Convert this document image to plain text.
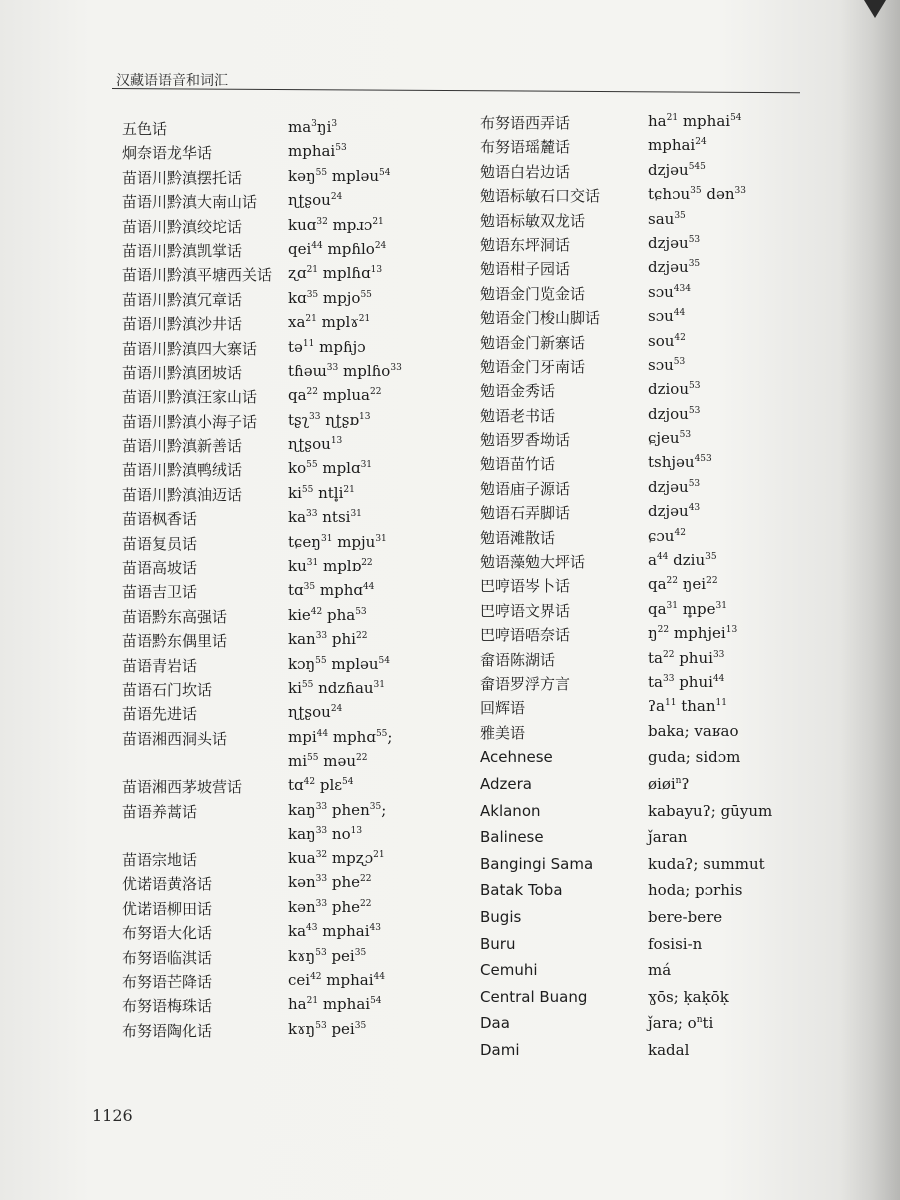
汉藏语语音和词汇
五色话	$ma^3ŋi^3$
炯奈语龙华话	mphai$^{53}$
苗语川黔滇摆托话	kəŋ$^{55}$ mpləu$^{54}$
苗语川黔滇大南山话 ɳʈʂou$^{24}$
苗语川黔滇绞坨话	kuɑ$^{32}$ mpɹɔ$^{21}$
苗语川黔滇凯掌话	qei$^{44}$ mpɦlo$^{24}$
苗语川黔滇平塘西关话 ʐɑ$^{21}$ mplɦɑ$^{13}$
苗语川黔滇冗章话	kɑ$^{35}$ mpjo$^{55}$
苗语川黔滇沙井话	$xa^{21}$ mplɤ$^{21}$
苗语川黔滇四大寨话 tə$^{11}$ mpɦjɔ
苗语川黔滇团坡话	tɦəɯ$^{33}$ mplɦo$^{33}$
苗语川黔滇汪家山话 $qa^{22}$ mplua$^{22}$
苗语川黔滇小海子话 tʂʅ$^{33}$ ɳʈʂɒ$^{13}$
苗语川黔滇新善话	ɳʈʂou$^{13}$
苗语川黔滇鸭绒话	$ko^{55}$ mplɑ$^{31}$
苗语川黔滇油迈话	$ki^{55}$ $ntl̥i^{21}$
苗语枫香话	$ka^{33}$ ntsi$^{31}$
苗语复员话	tɕeŋ$^{31}$ mpju$^{31}$
苗语高坡话	$ku^{31}$ mplɒ$^{22}$
苗语吉卫话	tɑ$^{35}$ mphɑ$^{44}$
苗语黔东高强话	kie$^{42}$ pha$^{53}$
苗语黔东偶里话	kan$^{33}$ phi$^{22}$
苗语青岩话	kɔŋ$^{55}$ mpləu$^{54}$
苗语石门坎话	$ki^{55}$ ndzɦau$^{31}$
苗语先进话	ɳʈʂou$^{24}$
苗语湘西洞头话	mpi$^{44}$ mphɑ$^{55}$;
$mi^{55}$ məu$^{22}$
苗语湘西茅坡营话	tɑ$^{42}$ plɛ$^{54}$
苗语养蒿话	kaŋ$^{33}$ phen$^{35}$;
kaŋ$^{33}$ $no^{13}$
苗语宗地话	kua$^{32}$ mpʐɔ$^{21}$
优诺语黄洛话	kən$^{33}$ phe$^{22}$
优诺语柳田话	kən$^{33}$ phe$^{22}$
布努语大化话	$ka^{43}$ mphai$^{43}$
布努语临淇话	kɤŋ$^{53}$ pei$^{35}$
布努语芒降话	cei$^{42}$ mphai$^{44}$
布努语梅珠话	$ha^{21}$ mphai$^{54}$
布努语陶化话	kɤŋ$^{53}$ pei$^{35}$
布努语西弄话	$ha^{21}$ mphai$^{54}$
布努语瑶麓话	mphai$^{24}$
勉语白岩边话	dzjəu$^{545}$
勉语标敏石口交话	tɕhɔu$^{35}$ dən$^{33}$
勉语标敏双龙话	sau$^{35}$
勉语东坪洞话	dzjəu$^{53}$
勉语柑子园话	dzjəu$^{35}$
勉语金门览金话	sɔu$^{434}$
勉语金门梭山脚话	sɔu$^{44}$
勉语金门新寨话	sou$^{42}$
勉语金门牙南话	sɔu$^{53}$
勉语金秀话	dziou$^{53}$
勉语老书话	dzjou$^{53}$
勉语罗香坳话	ɕjeu$^{53}$
勉语苗竹话	tshjəu$^{453}$
勉语庙子源话	dzjəu$^{53}$
勉语石弄脚话	dzjəu$^{43}$
勉语滩散话	ɕɔu$^{42}$
勉语藻勉大坪话	$a^{44}$ dziu$^{35}$
巴哼语岑卜话	$qa^{22}$ ŋei$^{22}$
巴哼语文界话	$qa^{31}$ $m̥pe^{31}$
巴哼语唔奈话	$ŋ^{22}$ mphjei$^{13}$
畲语陈湖话	$ta^{22}$ phui$^{33}$
畲语罗浮方言	$ta^{33}$ phui$^{44}$
回辉语	ʔa$^{11}$ than$^{11}$
雅美语	baka; vaʁao
Acehnese	guda; sidɔm
Adzera	øiøi$^n$ʔ
Aklanon	kabayuʔ; gūyum
Balinese	ǰaran
Bangingi Sama	kudaʔ; summut
Batak Toba	hoda; pɔrhis
Bugis	bere-bere
Buru	fosisi-n
Cemuhi	má
Central Buang	ɣōs; ḳaḳōḳ
Daa	ǰara; $o^nti$
Dami	kadal
1126
